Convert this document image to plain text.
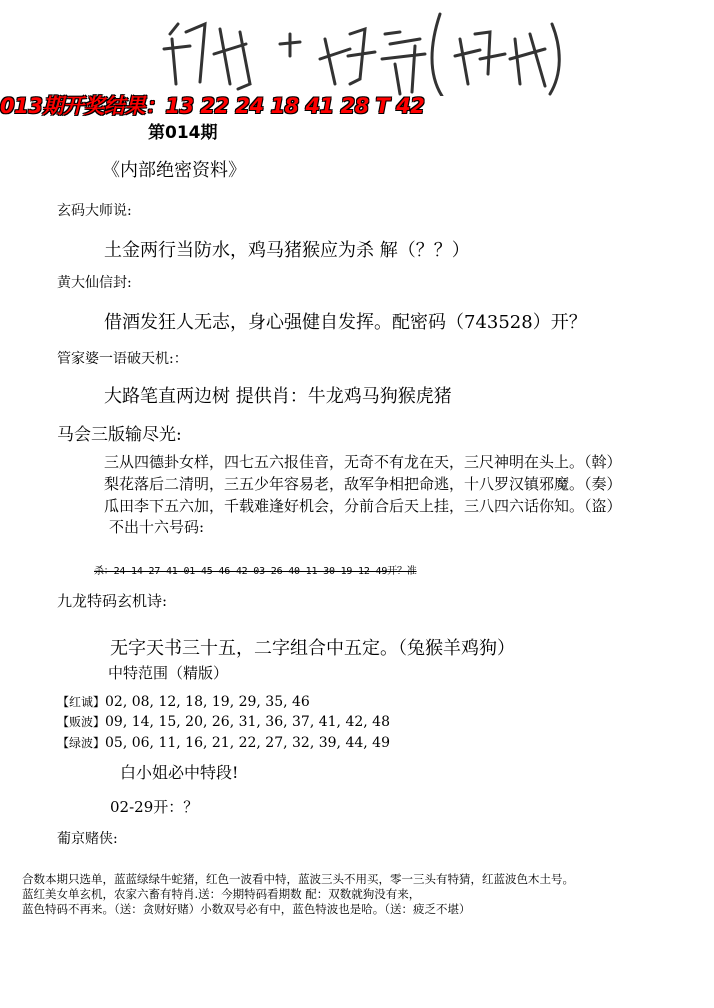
013期开奖结果：13 22 24 18 41 28 T 42
第014期
《内部绝密资料》
玄码大师说:
土金两行当防水，鸡马猪猴应为杀 解（？？）
黄大仙信封:
借酒发狂人无志，身心强健自发挥。配密码（743528）开？
管家婆一语破天机:：
大路笔直两边树 提供肖：牛龙鸡马狗猴虎猪
马会三版输尽光:
三从四德卦女样，四七五六报佳音，无奇不有龙在天，三尺神明在头上。（斡）
梨花落后二清明，三五少年容易老，敌军争相把命逃，十八罗汉镇邪魔。（奏）
瓜田李下五六加，千载难逢好机会，分前合后天上挂，三八四六话你知。（盗）
不出十六号码:
杀：24 14 27 41 01 45 46 42 03 26 40 11 30 19 12 49开？准
九龙特码玄机诗:
无字天书三十五，二字组合中五定。（兔猴羊鸡狗）
中特范围（精版）
【红诚】02, 08, 12, 18, 19, 29, 35, 46
【贩波】09, 14, 15, 20, 26, 31, 36, 37, 41, 42, 48
【绿波】05, 06, 11, 16, 21, 22, 27, 32, 39, 44, 49
白小姐必中特段!
02-29开：？
葡京赌侠:
合数本期只选单，蓝蓝绿绿牛蛇猪，红色一波看中特，蓝波三头不用买，零一三头有特猜，红蓝波色木土号。
蓝红美女单玄机，农家六畜有特肖.送：今期特码看期数 配：双数就狗没有来，
蓝色特码不再来。（送：贪财好赌）小数双号必有中，蓝色特波也是哈。（送：疲乏不堪）
